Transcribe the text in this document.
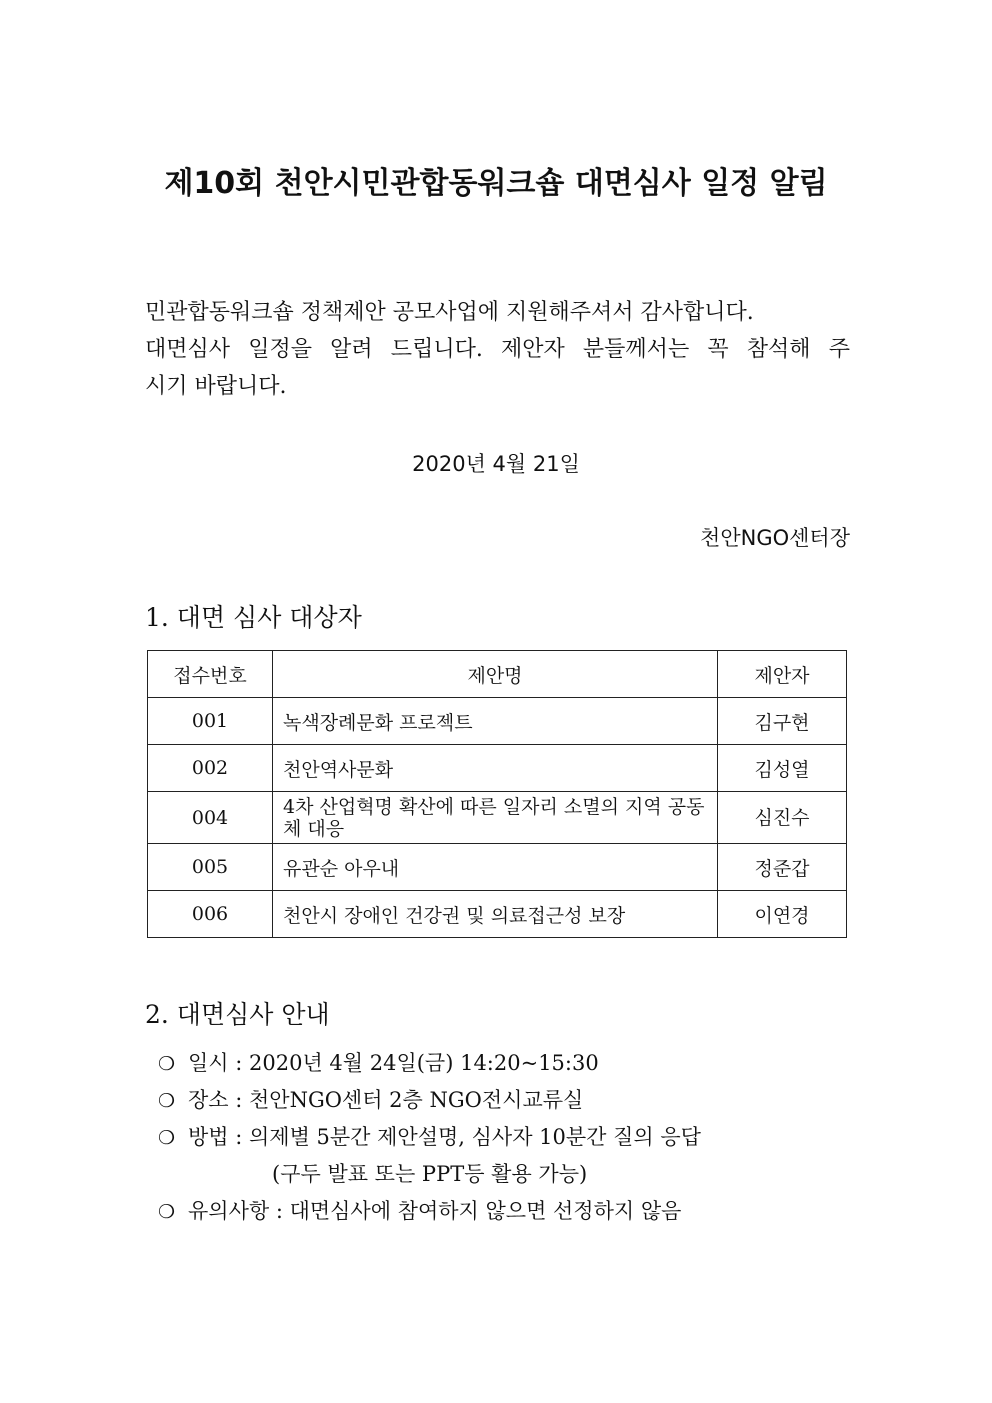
제10회 천안시민관합동워크숍 대면심사 일정 알림

민관합동워크숍 정책제안 공모사업에 지원해주셔서 감사합니다.
대면심사 일정을 알려 드립니다. 제안자 분들께서는 꼭 참석해 주
시기 바랍니다.

2020년 4월 21일
천안NGO센터장
1. 대면 심사 대상자
접수번호	제안명	제안자
001	녹색장례문화 프로젝트	김구현
002	천안역사문화	김성열
004	4차 산업혁명 확산에 따른 일자리 소멸의 지역 공동체 대응	심진수
005	유관순 아우내	정준갑
006	천안시 장애인 건강권 및 의료접근성 보장	이연경
2. 대면심사 안내
❍ 일시 : 2020년 4월 24일(금) 14:20~15:30
❍ 장소 : 천안NGO센터 2층 NGO전시교류실
❍ 방법 : 의제별 5분간 제안설명, 심사자 10분간 질의 응답
(구두 발표 또는 PPT등 활용 가능)
❍ 유의사항 : 대면심사에 참여하지 않으면 선정하지 않음
